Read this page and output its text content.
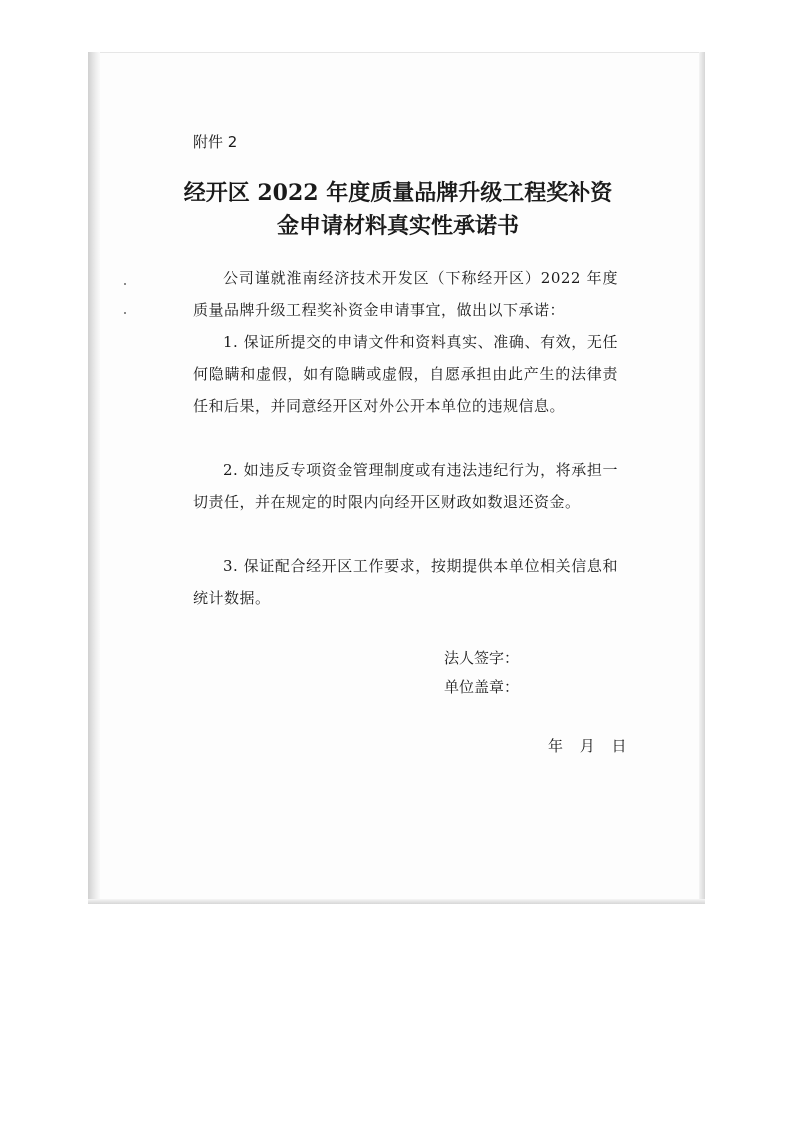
附件 2
经开区 2022 年度质量品牌升级工程奖补资
金申请材料真实性承诺书
公司谨就淮南经济技术开发区（下称经开区）2022 年度质量品牌升级工程奖补资金申请事宜，做出以下承诺：
1. 保证所提交的申请文件和资料真实、准确、有效，无任何隐瞒和虚假，如有隐瞒或虚假，自愿承担由此产生的法律责任和后果，并同意经开区对外公开本单位的违规信息。
2. 如违反专项资金管理制度或有违法违纪行为，将承担一切责任，并在规定的时限内向经开区财政如数退还资金。
3. 保证配合经开区工作要求，按期提供本单位相关信息和统计数据。
法人签字：
单位盖章：
年 月 日
